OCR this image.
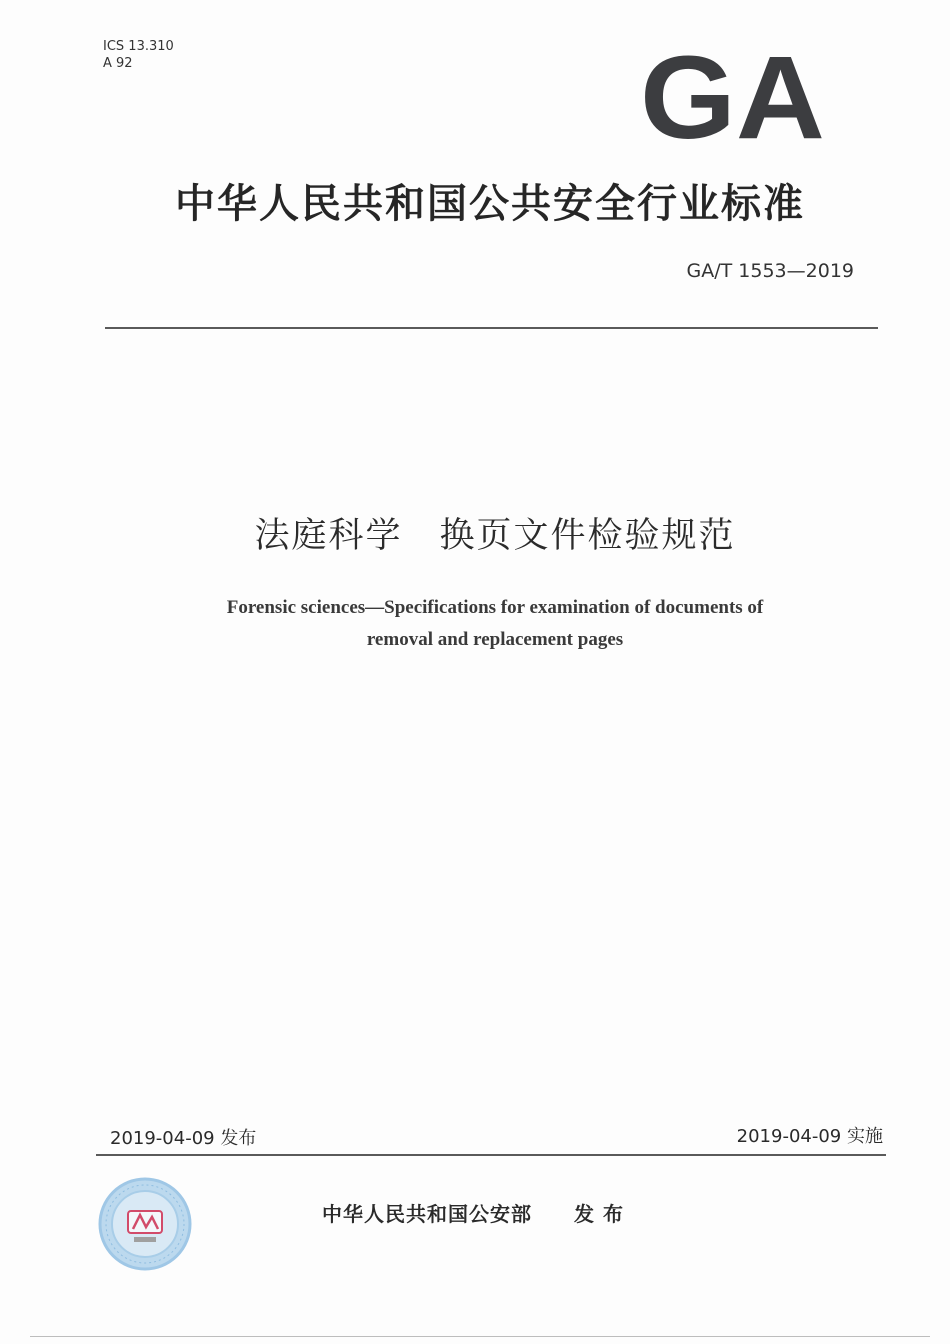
ICS 13.310
A 92	GA
中华人民共和国公共安全行业标准
GA/T 1553—2019
法庭科学　换页文件检验规范
Forensic sciences—Specifications for examination of documents of
removal and replacement pages
2019-04-09 发布	2019-04-09 实施
中华人民共和国公安部 发 布
